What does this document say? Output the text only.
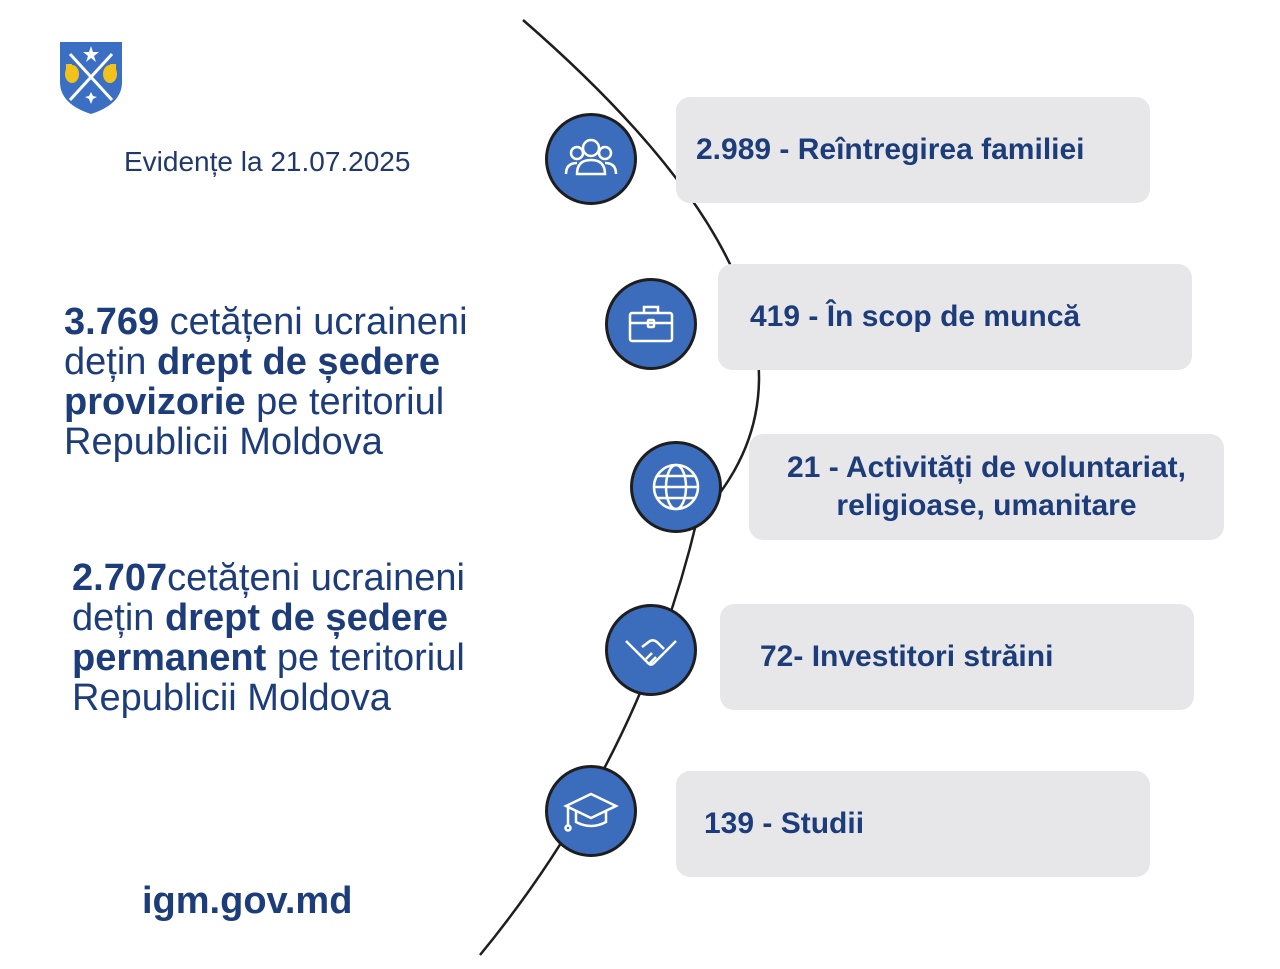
Evidențe la 21.07.2025
3.769 cetățeni ucraineni
dețin drept de ședere
provizorie pe teritoriul
Republicii Moldova
2.707cetățeni ucraineni
dețin drept de ședere
permanent pe teritoriul
Republicii Moldova
igm.gov.md
2.989 - Reîntregirea familiei
419 - În scop de muncă
21 - Activități de voluntariat,
religioase, umanitare
72- Investitori străini
139 - Studii
